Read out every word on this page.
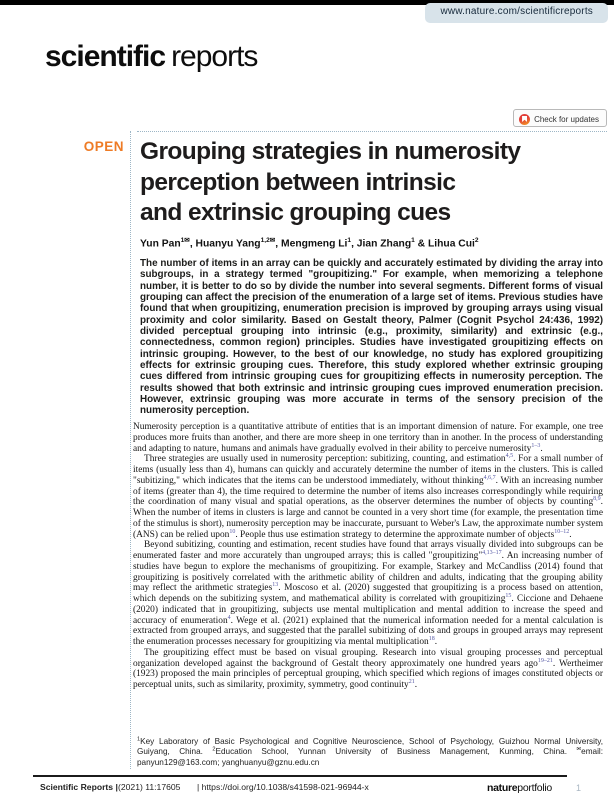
www.nature.com/scientificreports
scientific reports
Check for updates
OPEN Grouping strategies in numerosity
perception between intrinsic
and extrinsic grouping cues
Yun Pan$^{1✉}$, Huanyu Yang$^{1,2✉}$, Mengmeng Li$^1$, Jian Zhang$^1$ & Lihua Cui$^2$
The number of items in an array can be quickly and accurately estimated by dividing the array into subgroups, in a strategy termed "groupitizing." For example, when memorizing a telephone number, it is better to do so by divide the number into several segments. Different forms of visual grouping can affect the precision of the enumeration of a large set of items. Previous studies have found that when groupitizing, enumeration precision is improved by grouping arrays using visual proximity and color similarity. Based on Gestalt theory, Palmer (Cognit Psychol 24:436, 1992) divided perceptual grouping into intrinsic (e.g., proximity, similarity) and extrinsic (e.g., connectedness, common region) principles. Studies have investigated groupitizing effects on intrinsic grouping. However, to the best of our knowledge, no study has explored groupitizing effects for extrinsic grouping cues. Therefore, this study explored whether extrinsic grouping cues differed from intrinsic grouping cues for groupitizing effects in numerosity perception. The results showed that both extrinsic and intrinsic grouping cues improved enumeration precision. However, extrinsic grouping was more accurate in terms of the sensory precision of the numerosity perception.

Numerosity perception is a quantitative attribute of entities that is an important dimension of nature. For example, one tree produces more fruits than another, and there are more sheep in one territory than in another. In the process of understanding and adapting to nature, humans and animals have gradually evolved in their ability to perceive numerosity$^{1-3}$.

Three strategies are usually used in numerosity perception: subitizing, counting, and estimation$^{4,5}$. For a small number of items (usually less than 4), humans can quickly and accurately determine the number of items in the clusters. This is called "subitizing," which indicates that the items can be understood immediately, without thinking$^{4,6,7}$. With an increasing number of items (greater than 4), the time required to determine the number of items also increases correspondingly while requiring the coordination of many visual and spatial operations, as the observer determines the number of objects by counting$^{8,9}$. When the number of items in clusters is large and cannot be counted in a very short time (for example, the presentation time of the stimulus is short), numerosity perception may be inaccurate, pursuant to Weber's Law, the approximate number system (ANS) can be relied upon$^{10}$. People thus use estimation strategy to determine the approximate number of objects$^{10-12}$.

Beyond subitizing, counting and estimation, recent studies have found that arrays visually divided into subgroups can be enumerated faster and more accurately than ungrouped arrays; this is called "groupitizing"$^{4,13-17}$. An increasing number of studies have begun to explore the mechanisms of groupitizing. For example, Starkey and McCandliss (2014) found that groupitizing is positively correlated with the arithmetic ability of children and adults, indicating that the grouping ability may reflect the arithmetic strategies$^{13}$. Moscoso et al. (2020) suggested that groupitizing is a process based on attention, which depends on the subitizing system, and mathematical ability is correlated with groupitizing$^{15}$. Ciccione and Dehaene (2020) indicated that in groupitizing, subjects use mental multiplication and mental addition to increase the speed and accuracy of enumeration$^4$. Wege et al. (2021) explained that the numerical information needed for a mental calculation is extracted from grouped arrays, and suggested that the parallel subitizing of dots and groups in grouped arrays may represent the enumeration processes necessary for groupitizing via mental multiplication$^{18}$.

The groupitizing effect must be based on visual grouping. Research into visual grouping processes and perceptual organization developed against the background of Gestalt theory approximately one hundred years ago$^{19-21}$. Wertheimer (1923) proposed the main principles of perceptual grouping, which specified which regions of images constituted objects or perceptual units, such as similarity, proximity, symmetry, good continuity$^{21}$.

$^1$Key Laboratory of Basic Psychological and Cognitive Neuroscience, School of Psychology, Guizhou Normal University, Guiyang, China. $^2$Education School, Yunnan University of Business Management, Kunming, China. ✉email: panyun129@163.com; yanghuanyu@gznu.edu.cn
Scientific Reports | (2021) 11:17605 | https://doi.org/10.1038/s41598-021-96944-x	natureportfolio	1
